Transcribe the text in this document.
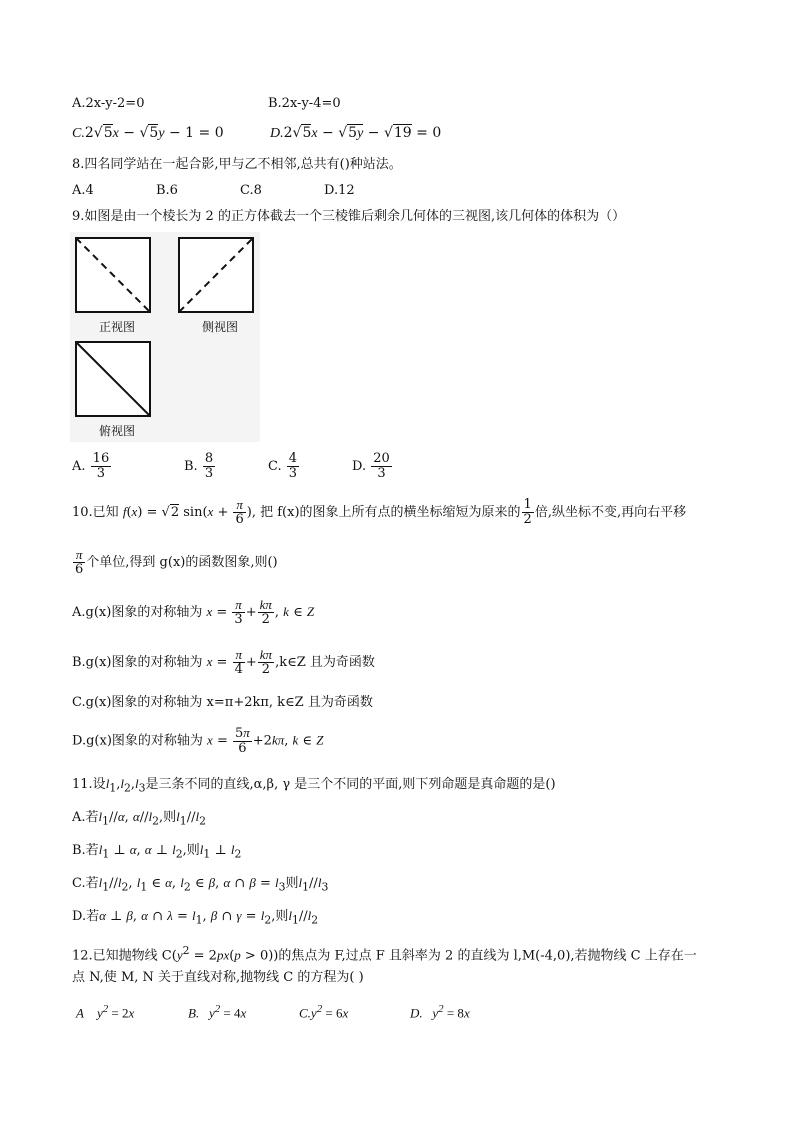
A.2x-y-2=0	B.2x-y-4=0
C.2√5x − √5y − 1 = 0	D.2√5x − √5y − √19 = 0
8.四名同学站在一起合影,甲与乙不相邻,总共有()种站法。
A.4	B.6	C.8	D.12
9.如图是由一个棱长为 2 的正方体截去一个三棱锥后剩余几何体的三视图,该几何体的体积为（）
正视图	侧视图
俯视图
A. $\frac{16}{3}$	B. $\frac{8}{3}$	C. $\frac{4}{3}$	D. $\frac{20}{3}$
10.已知 f(x) = √2 $\sin(x + \frac{\pi}{6}$ ), 把 f(x)的图象上所有点的横坐标缩短为原来的 $\frac{1}{2}$ 倍,纵坐标不变,再向右平移
$\frac{\pi}{6}$ 个单位,得到 g(x)的函数图象,则()
A.g(x)图象的对称轴为 $x = \frac{\pi}{3} + \frac{k\pi}{2}$ , k ∈ Z
B.g(x)图象的对称轴为 $x = \frac{\pi}{4} + \frac{k\pi}{2}$ ,k∈Z 且为奇函数
C.g(x)图象的对称轴为 x=π+2kπ, k∈Z 且为奇函数
D.g(x)图象的对称轴为 $x = \frac{5\pi}{6} +2k\pi$, k ∈ Z
11.设$l_1,l_2,l_3$是三条不同的直线,α,β, γ 是三个不同的平面,则下列命题是真命题的是()
A.若$l_1//\alpha$, $\alpha//l_2$,则$l_1//l_2$
B.若$l_1$ ⊥ α, α ⊥ $l_2$,则$l_1$ ⊥ $l_2$
C.若$l_1//l_2$, $l_1$ ∈ α, $l_2$ ∈ β, α ∩ $\beta = l_3$则$l_1//l_3$
D.若α ⊥ β, α ∩ $\lambda = l_1$, β ∩ $\gamma = l_2$,则$l_1//l_2$
12.已知抛物线 $C(y^2 = 2px(p > 0))$的焦点为 F,过点 F 且斜率为 2 的直线为 l,M(-4,0),若抛物线 C 上存在一
点 N,使 M, N 关于直线对称,抛物线 C 的方程为( )
A    $y^2 = 2x$	B.   $y^2 = 4x$	$C.y^2 = 6x$	D.   $y^2 = 8x$
